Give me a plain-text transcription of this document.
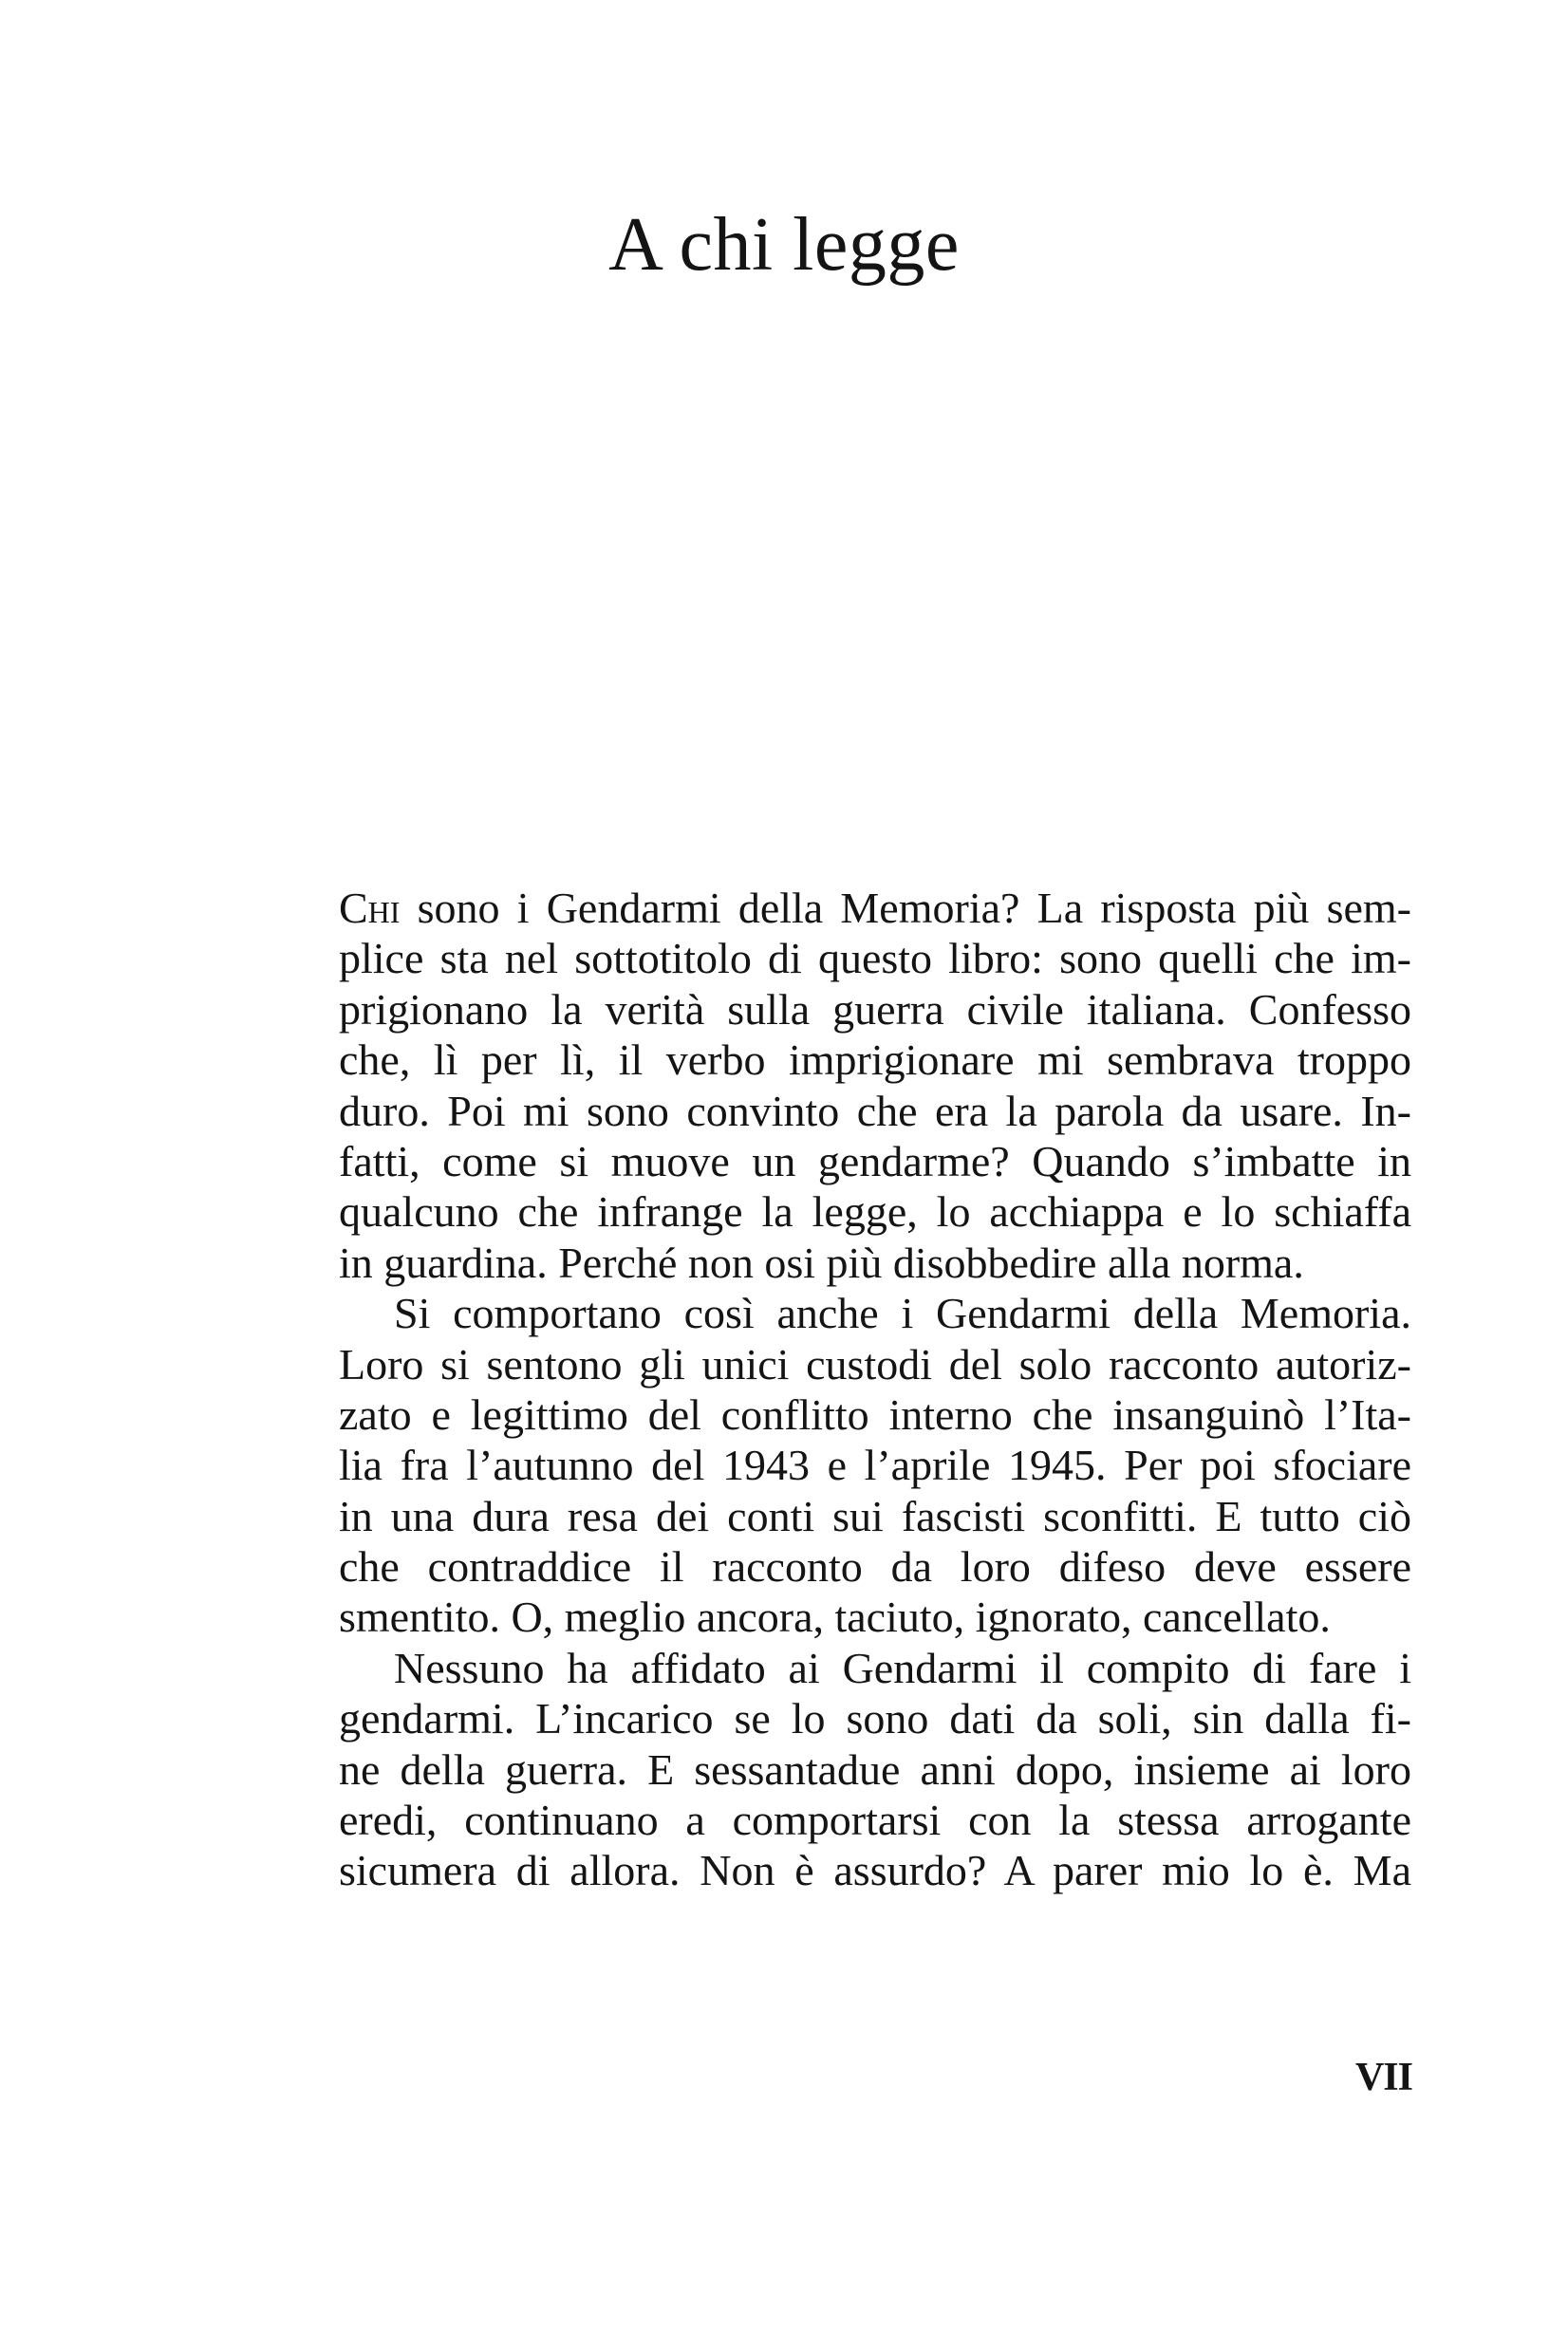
A chi legge
Chi sono i Gendarmi della Memoria? La risposta più sem-
plice sta nel sottotitolo di questo libro: sono quelli che im-
prigionano la verità sulla guerra civile italiana. Confesso
che, lì per lì, il verbo imprigionare mi sembrava troppo
duro. Poi mi sono convinto che era la parola da usare. In-
fatti, come si muove un gendarme? Quando s’imbatte in
qualcuno che infrange la legge, lo acchiappa e lo schiaffa
in guardina. Perché non osi più disobbedire alla norma.
Si comportano così anche i Gendarmi della Memoria.
Loro si sentono gli unici custodi del solo racconto autoriz-
zato e legittimo del conflitto interno che insanguinò l’Ita-
lia fra l’autunno del 1943 e l’aprile 1945. Per poi sfociare
in una dura resa dei conti sui fascisti sconfitti. E tutto ciò
che contraddice il racconto da loro difeso deve essere
smentito. O, meglio ancora, taciuto, ignorato, cancellato.
Nessuno ha affidato ai Gendarmi il compito di fare i
gendarmi. L’incarico se lo sono dati da soli, sin dalla fi-
ne della guerra. E sessantadue anni dopo, insieme ai loro
eredi, continuano a comportarsi con la stessa arrogante
sicumera di allora. Non è assurdo? A parer mio lo è. Ma
VII
